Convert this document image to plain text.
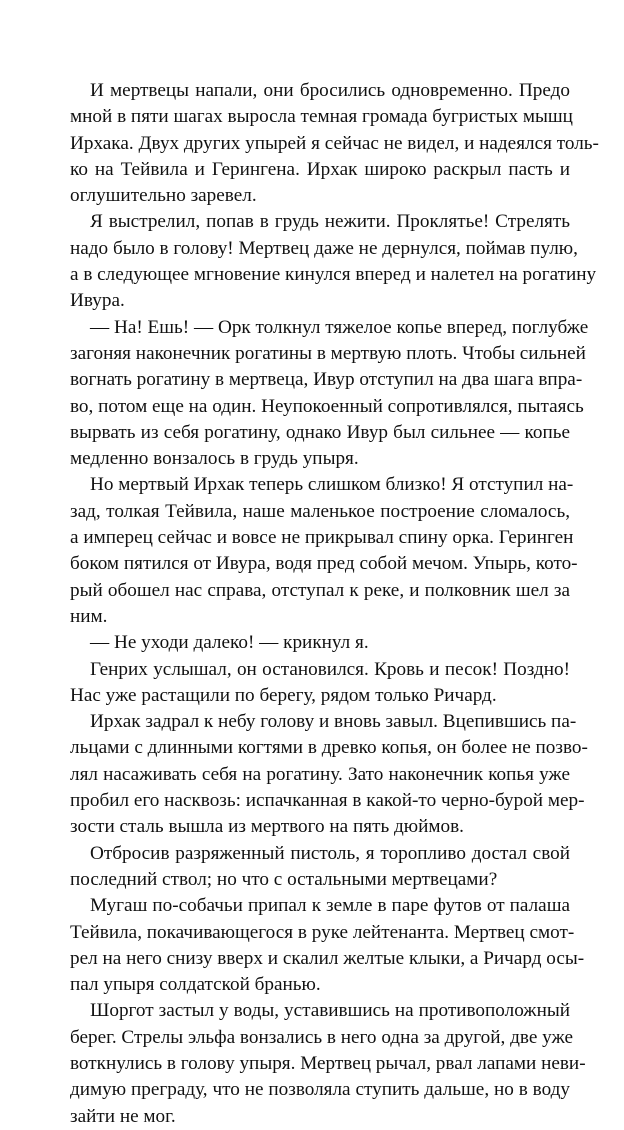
И мертвецы напали, они бросились одновременно. Предо
мной в пяти шагах выросла темная громада бугристых мышц
Ирхака. Двух других упырей я сейчас не видел, и надеялся толь-
ко на Тейвила и Герингена. Ирхак широко раскрыл пасть и
оглушительно заревел.
Я выстрелил, попав в грудь нежити. Проклятье! Стрелять
надо было в голову! Мертвец даже не дернулся, поймав пулю,
а в следующее мгновение кинулся вперед и налетел на рогатину
Ивура.
— На! Ешь! — Орк толкнул тяжелое копье вперед, поглубже
загоняя наконечник рогатины в мертвую плоть. Чтобы сильней
вогнать рогатину в мертвеца, Ивур отступил на два шага впра-
во, потом еще на один. Неупокоенный сопротивлялся, пытаясь
вырвать из себя рогатину, однако Ивур был сильнее — копье
медленно вонзалось в грудь упыря.
Но мертвый Ирхак теперь слишком близко! Я отступил на-
зад, толкая Тейвила, наше маленькое построение сломалось,
а имперец сейчас и вовсе не прикрывал спину орка. Геринген
боком пятился от Ивура, водя пред собой мечом. Упырь, кото-
рый обошел нас справа, отступал к реке, и полковник шел за
ним.
— Не уходи далеко! — крикнул я.
Генрих услышал, он остановился. Кровь и песок! Поздно!
Нас уже растащили по берегу, рядом только Ричард.
Ирхак задрал к небу голову и вновь завыл. Вцепившись па-
льцами с длинными когтями в древко копья, он более не позво-
лял насаживать себя на рогатину. Зато наконечник копья уже
пробил его насквозь: испачканная в какой-то черно-бурой мер-
зости сталь вышла из мертвого на пять дюймов.
Отбросив разряженный пистоль, я торопливо достал свой
последний ствол; но что с остальными мертвецами?
Мугаш по-собачьи припал к земле в паре футов от палаша
Тейвила, покачивающегося в руке лейтенанта. Мертвец смот-
рел на него снизу вверх и скалил желтые клыки, а Ричард осы-
пал упыря солдатской бранью.
Шоргот застыл у воды, уставившись на противоположный
берег. Стрелы эльфа вонзались в него одна за другой, две уже
воткнулись в голову упыря. Мертвец рычал, рвал лапами неви-
димую преграду, что не позволяла ступить дальше, но в воду
зайти не мог.
